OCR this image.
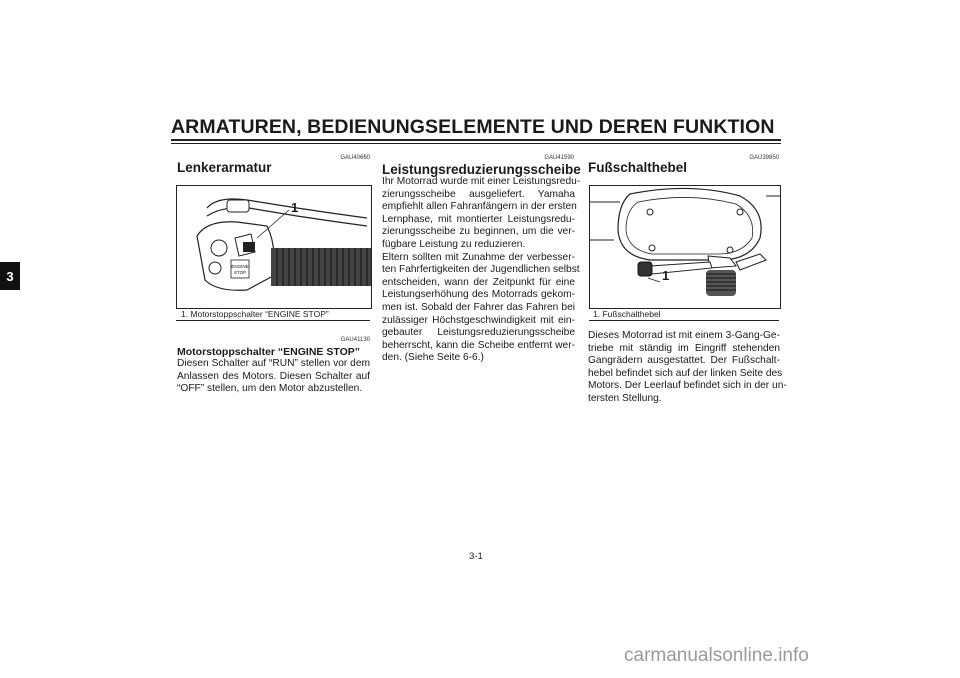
ARMATUREN, BEDIENUNGSELEMENTE UND DEREN FUNKTION
3
GAU40660
Lenkerarmatur
ENGINE
STOP
1
1. Motorstoppschalter “ENGINE STOP”
GAU41130
Motorstoppschalter “ENGINE STOP”
Diesen Schalter auf “RUN” stellen vor dem
Anlassen des Motors. Diesen Schalter auf
“OFF” stellen, um den Motor abzustellen.
GAU41590
Leistungsreduzierungsscheibe
Ihr Motorrad wurde mit einer Leistungsredu-
zierungsscheibe ausgeliefert. Yamaha
empfiehlt allen Fahranfängern in der ersten
Lernphase, mit montierter Leistungsredu-
zierungsscheibe zu beginnen, um die ver-
fügbare Leistung zu reduzieren.
Eltern sollten mit Zunahme der verbesser-
ten Fahrfertigkeiten der Jugendlichen selbst
entscheiden, wann der Zeitpunkt für eine
Leistungserhöhung des Motorrads gekom-
men ist. Sobald der Fahrer das Fahren bei
zulässiger Höchstgeschwindigkeit mit ein-
gebauter Leistungsreduzierungsscheibe
beherrscht, kann die Scheibe entfernt wer-
den. (Siehe Seite 6-6.)
GAU39850
Fußschalthebel
1
1. Fußschalthebel
Dieses Motorrad ist mit einem 3-Gang-Ge-
triebe mit ständig im Eingriff stehenden
Gangrädern ausgestattet. Der Fußschalt-
hebel befindet sich auf der linken Seite des
Motors. Der Leerlauf befindet sich in der un-
tersten Stellung.
3-1
carmanualsonline.info
